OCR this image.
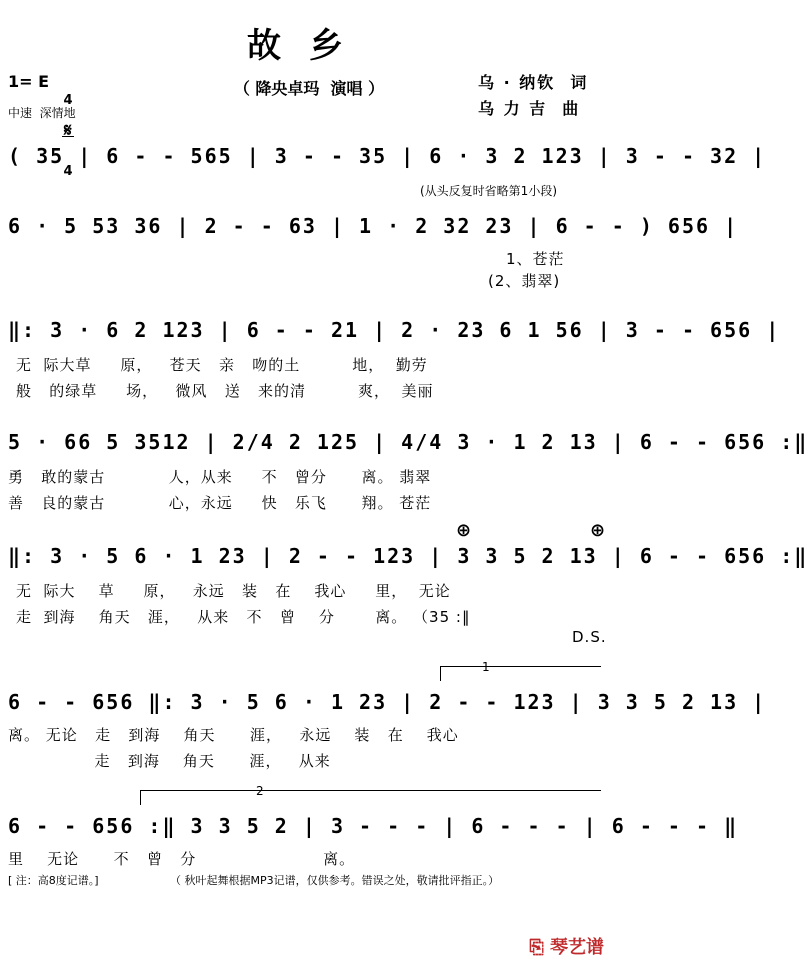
故乡
1= E

4

4

（ 降央卓玛  演唱 ）	乌 · 纳钦  词
乌 力 吉  曲
中速  深情地
𝄋
( 35 | 6 - - 565 | 3 - - 35 | 6 · 3 2 123 | 3 - - 32 |
(从头反复时省略第1小段)
6 · 5 53 36 | 2 - - 63 | 1 · 2 32 23 | 6 - - ) 656 |
1、苍茫
(2、翡翠)
‖: 3 · 6 2 123 | 6 - - 21 | 2 · 23 6 1 56 | 3 - - 656 |
无  际大草     原，   苍天   亲   吻的土         地，  勤劳
般   的绿草     场，   微风   送   来的清         爽，  美丽
5 · 66 5 3512 | 2/4 2 125 | 4/4 3 · 1 2 13 | 6 - - 656 :‖
勇   敢的蒙古           人，从来     不   曾分      离。 翡翠
善   良的蒙古           心，永远     快   乐飞      翔。 苍茫
⊕	⊕
‖: 3 · 5 6 · 1 23 | 2 - - 123 | 3 3 5 2 13 | 6 - - 656 :‖
无  际大    草     原，   永远   装   在    我心     里，  无论
走  到海    角天   涯，   从来   不   曾    分       离。 （35 :‖
D.S.
1
6 - - 656 ‖: 3 · 5 6 · 1 23 | 2 - - 123 | 3 3 5 2 13 |
离。 无论   走   到海    角天      涯，   永远    装   在    我心
走   到海    角天      涯，   从来
2
6 - - 656 :‖ 3 3 5 2 | 3 - - - | 6 - - - | 6 - - - ‖
里    无论      不   曾   分                      离。
[ 注：高8度记谱。]	（ 秋叶起舞根据MP3记谱，仅供参考。错误之处，敬请批评指正。）

⎘ 琴艺谱
